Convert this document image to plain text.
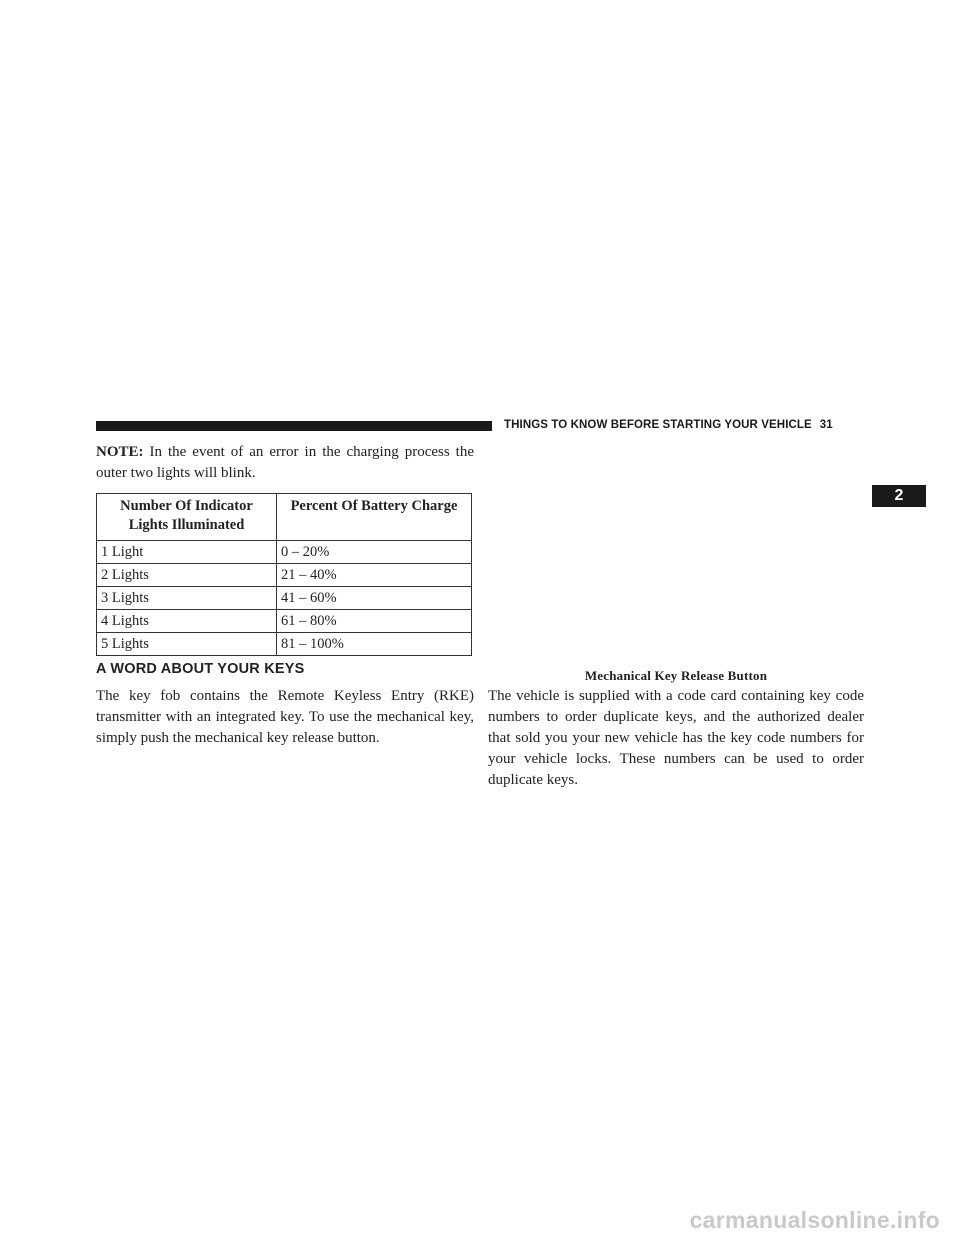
THINGS TO KNOW BEFORE STARTING YOUR VEHICLE 31
2

NOTE: In the event of an error in the charging process the outer two lights will blink.

Number Of Indicator Lights Illuminated	Percent Of Battery Charge
1 Light	0 – 20%
2 Lights	21 – 40%
3 Lights	41 – 60%
4 Lights	61 – 80%
5 Lights	81 – 100%
A WORD ABOUT YOUR KEYS

The key fob contains the Remote Keyless Entry (RKE) transmitter with an integrated key. To use the mechanical key, simply push the mechanical key release button.

Mechanical Key Release Button

The vehicle is supplied with a code card containing key code numbers to order duplicate keys, and the authorized dealer that sold you your new vehicle has the key code numbers for your vehicle locks. These numbers can be used to order duplicate keys.

carmanualsonline.info
